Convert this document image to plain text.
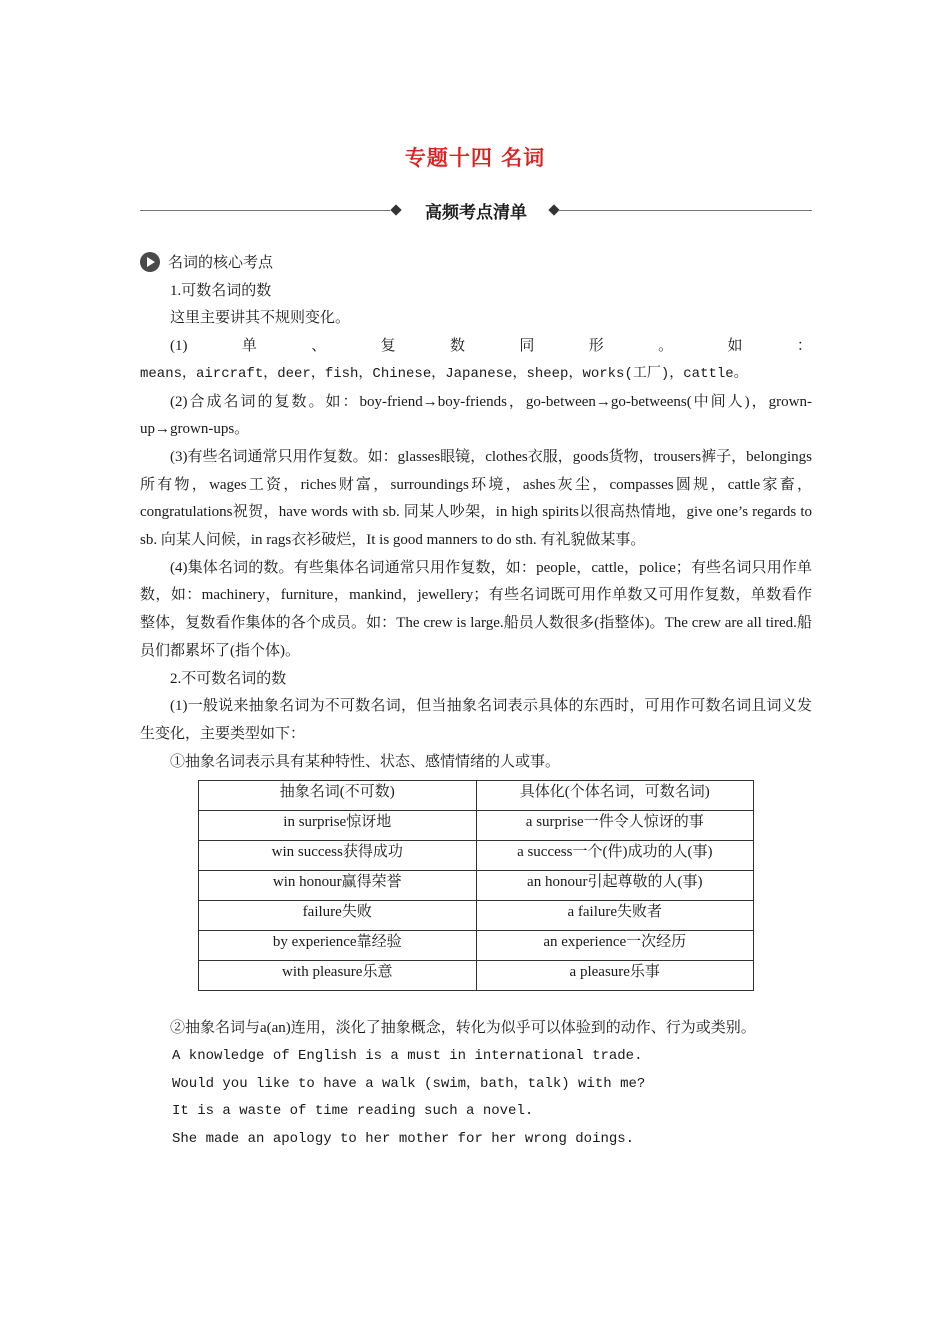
专题十四 名词
高频考点清单
名词的核心考点

1.可数名词的数

这里主要讲其不规则变化。

(1)	单	、	复	数	同	形	。	如	：

means，aircraft，deer，fish，Chinese，Japanese，sheep，works(工厂)，cattle。

(2)合成名词的复数。如：boy-friend→boy-friends，go-between→go-betweens(中间人)，grown-up→grown-ups。

(3)有些名词通常只用作复数。如：glasses眼镜，clothes衣服，goods货物，trousers裤子，belongings所有物，wages工资，riches财富，surroundings环境，ashes灰尘，compasses圆规，cattle家畜，congratulations祝贺，have words with sb. 同某人吵架，in high spirits以很高热情地，give one’s regards to sb. 向某人问候，in rags衣衫破烂，It is good manners to do sth. 有礼貌做某事。

(4)集体名词的数。有些集体名词通常只用作复数，如：people，cattle，police；有些名词只用作单数，如：machinery，furniture，mankind，jewellery；有些名词既可用作单数又可用作复数，单数看作整体，复数看作集体的各个成员。如：The crew is large.船员人数很多(指整体)。The crew are all tired.船员们都累坏了(指个体)。

2.不可数名词的数

(1)一般说来抽象名词为不可数名词，但当抽象名词表示具体的东西时，可用作可数名词且词义发生变化，主要类型如下：

①抽象名词表示具有某种特性、状态、感情情绪的人或事。

抽象名词(不可数)	具体化(个体名词，可数名词)
in surprise惊讶地	a surprise一件令人惊讶的事
win success获得成功	a success一个(件)成功的人(事)
win honour赢得荣誉	an honour引起尊敬的人(事)
failure失败	a failure失败者
by experience靠经验	an experience一次经历
with pleasure乐意	a pleasure乐事

②抽象名词与a(an)连用，淡化了抽象概念，转化为似乎可以体验到的动作、行为或类别。

A knowledge of English is a must in international trade.

Would you like to have a walk (swim，bath，talk) with me?

It is a waste of time reading such a novel.

She made an apology to her mother for her wrong doings.
